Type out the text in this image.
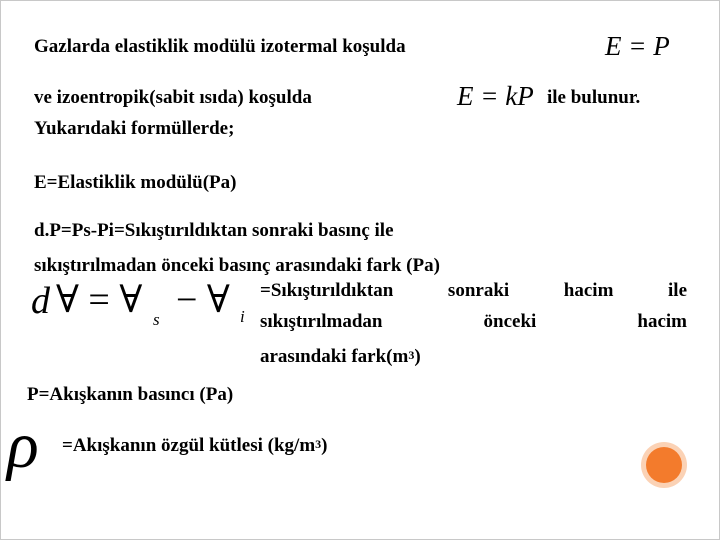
Gazlarda elastiklik modülü izotermal koşulda	E = P
ve izoentropik(sabit ısıda) koşulda	E = kP ile bulunur.
Yukarıdaki formüllerde;
E=Elastiklik modülü(Pa)
d.P=Ps-Pi=Sıkıştırıldıktan sonraki basınç ile
sıkıştırılmadan önceki basınç arasındaki fark (Pa)
d ∀ = ∀ s − ∀ i
=Sıkıştırıldıktan sonraki hacim ile
sıkıştırılmadan önceki hacim
arasındaki $fark(m^3)$
P=Akışkanın basıncı (Pa)
ρ =Akışkanın özgül kütlesi $(kg/m^3)$
